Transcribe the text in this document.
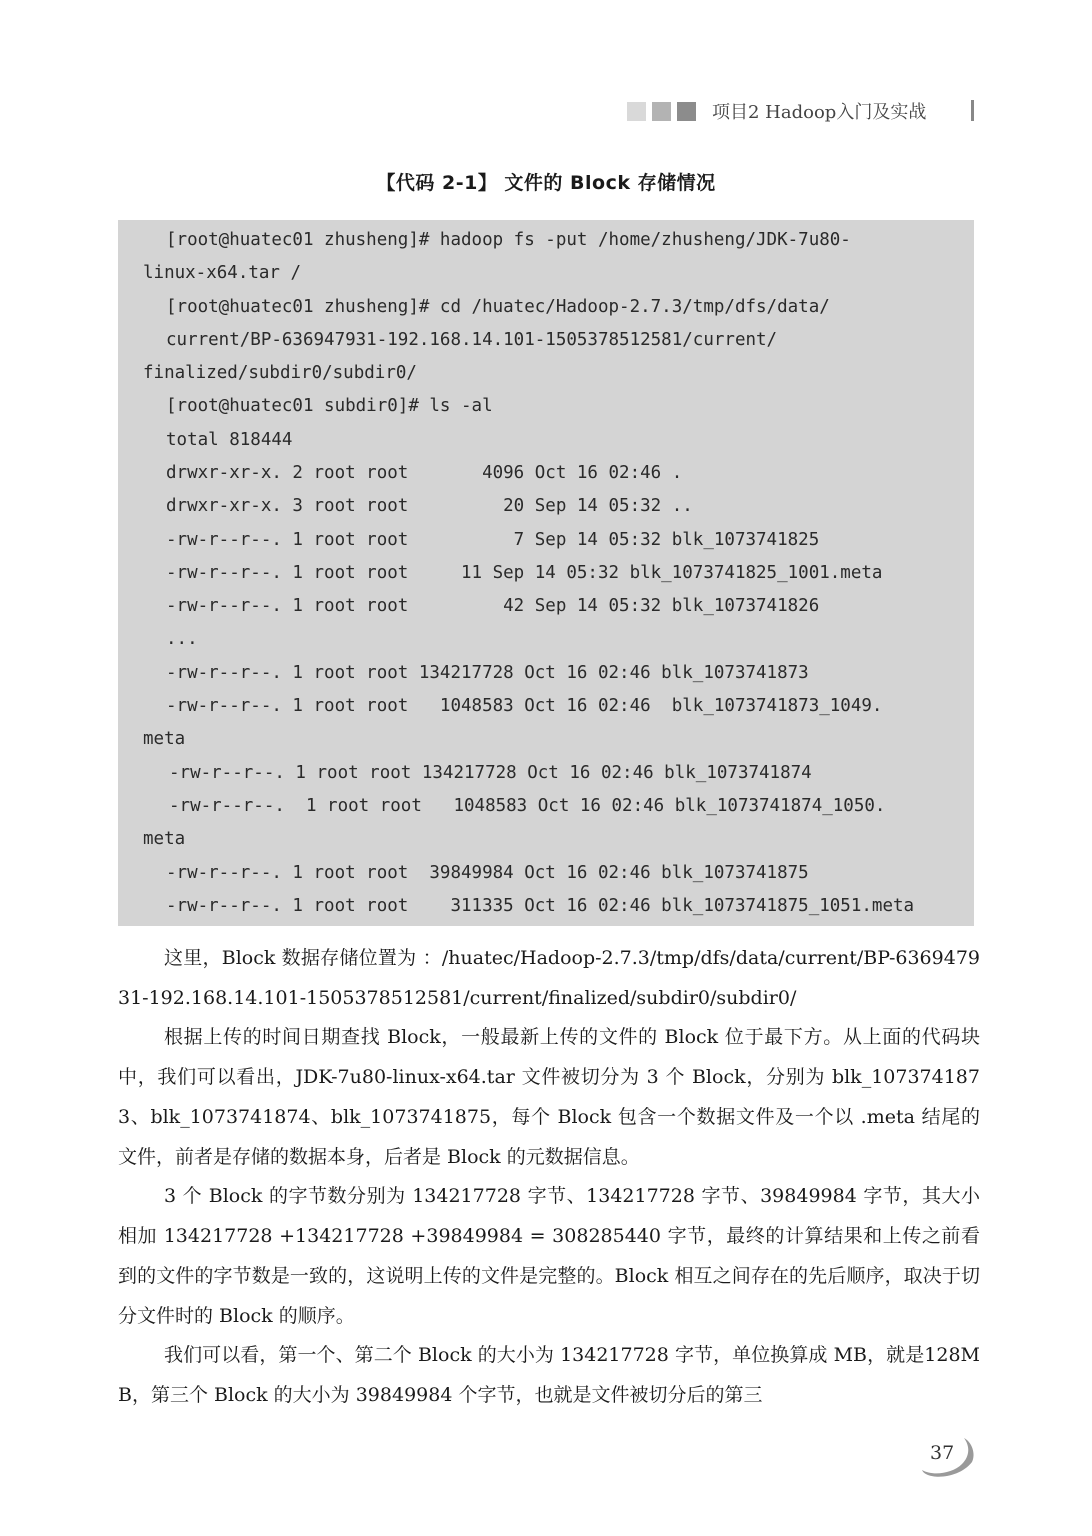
项目2 Hadoop入门及实战
【代码 2-1】 文件的 Block 存储情况
[root@huatec01 zhusheng]# hadoop fs -put /home/zhusheng/JDK-7u80-
linux-x64.tar /
[root@huatec01 zhusheng]# cd /huatec/Hadoop-2.7.3/tmp/dfs/data/
current/BP-636947931-192.168.14.101-1505378512581/current/
finalized/subdir0/subdir0/
[root@huatec01 subdir0]# ls -al
total 818444
drwxr-xr-x. 2 root root       4096 Oct 16 02:46 .
drwxr-xr-x. 3 root root         20 Sep 14 05:32 ..
-rw-r--r--. 1 root root          7 Sep 14 05:32 blk_1073741825
-rw-r--r--. 1 root root     11 Sep 14 05:32 blk_1073741825_1001.meta
-rw-r--r--. 1 root root         42 Sep 14 05:32 blk_1073741826
...
-rw-r--r--. 1 root root 134217728 Oct 16 02:46 blk_1073741873
-rw-r--r--. 1 root root   1048583 Oct 16 02:46  blk_1073741873_1049.
meta
-rw-r--r--. 1 root root 134217728 Oct 16 02:46 blk_1073741874
-rw-r--r--.  1 root root   1048583 Oct 16 02:46 blk_1073741874_1050.
meta
-rw-r--r--. 1 root root  39849984 Oct 16 02:46 blk_1073741875
-rw-r--r--. 1 root root    311335 Oct 16 02:46 blk_1073741875_1051.meta

这里，Block 数据存储位置为 ：/huatec/Hadoop-2.7.3/tmp/dfs/data/current/BP-636947931-192.168.14.101-1505378512581/current/finalized/subdir0/subdir0/

根据上传的时间日期查找 Block，一般最新上传的文件的 Block 位于最下方。从上面的代码块中，我们可以看出，JDK-7u80-linux-x64.tar 文件被切分为 3 个 Block，分别为 blk_1073741873、blk_1073741874、blk_1073741875，每个 Block 包含一个数据文件及一个以 .meta 结尾的文件，前者是存储的数据本身，后者是 Block 的元数据信息。

3 个 Block 的字节数分别为 134217728 字节、134217728 字节、39849984 字节，其大小相加 134217728 +134217728 +39849984 = 308285440 字节，最终的计算结果和上传之前看到的文件的字节数是一致的，这说明上传的文件是完整的。Block 相互之间存在的先后顺序，取决于切分文件时的 Block 的顺序。

我们可以看，第一个、第二个 Block 的大小为 134217728 字节，单位换算成 MB，就是128MB，第三个 Block 的大小为 39849984 个字节，也就是文件被切分后的第三

37
